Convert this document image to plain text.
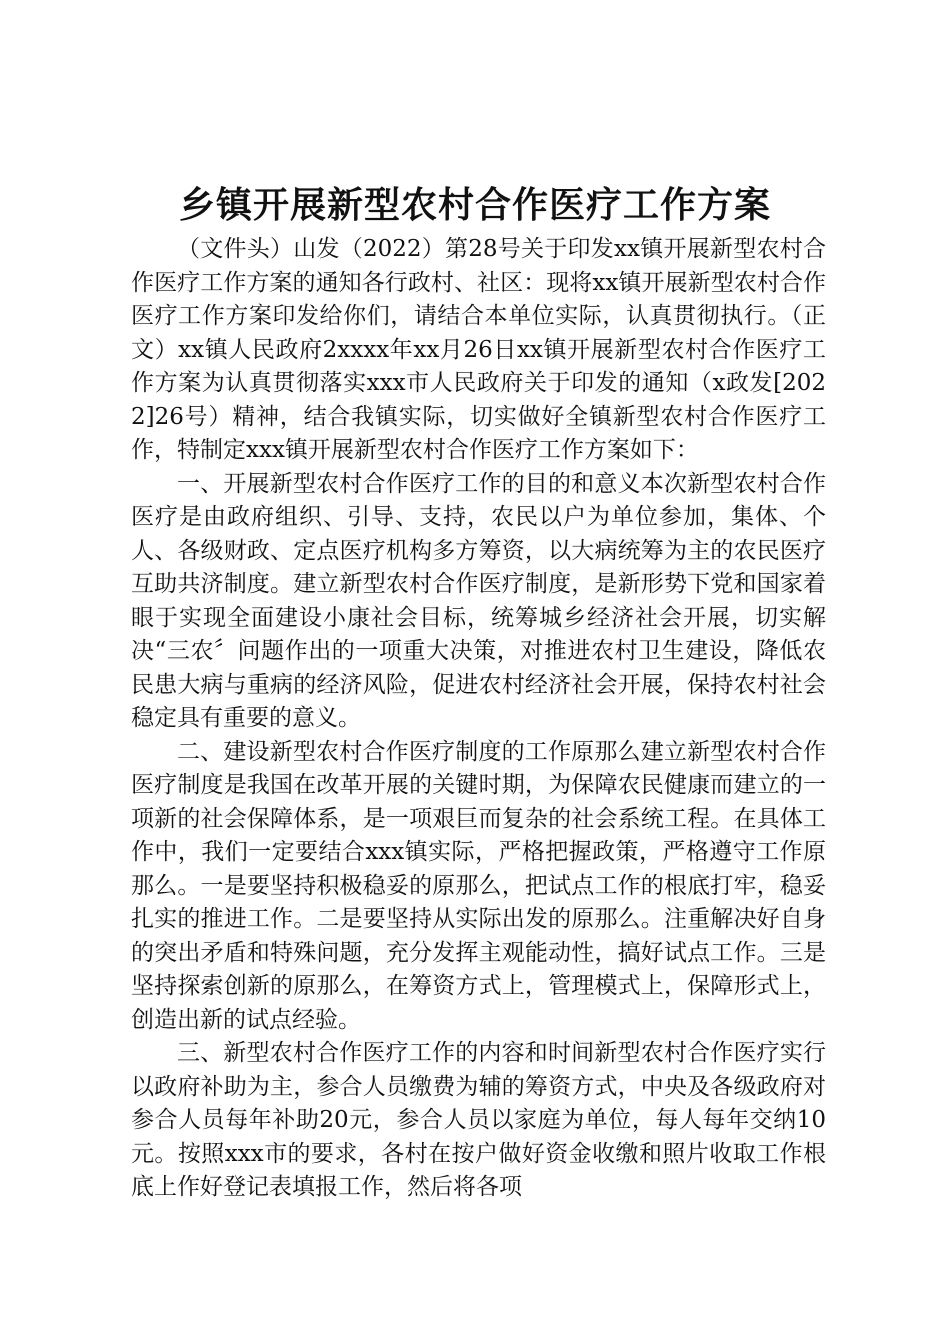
乡镇开展新型农村合作医疗工作方案

（文件头）山发（2022）第28号关于印发xx镇开展新型农村合作医疗工作方案的通知各行政村、社区：现将xx镇开展新型农村合作医疗工作方案印发给你们，请结合本单位实际，认真贯彻执行。（正文）xx镇人民政府2xxxx年xx月26日xx镇开展新型农村合作医疗工作方案为认真贯彻落实xxx市人民政府关于印发的通知（x政发[2022]26号）精神，结合我镇实际，切实做好全镇新型农村合作医疗工作，特制定xxx镇开展新型农村合作医疗工作方案如下：

一、开展新型农村合作医疗工作的目的和意义本次新型农村合作医疗是由政府组织、引导、支持，农民以户为单位参加，集体、个人、各级财政、定点医疗机构多方筹资，以大病统筹为主的农民医疗互助共济制度。建立新型农村合作医疗制度，是新形势下党和国家着眼于实现全面建设小康社会目标，统筹城乡经济社会开展，切实解决“三农〞问题作出的一项重大决策，对推进农村卫生建设，降低农民患大病与重病的经济风险，促进农村经济社会开展，保持农村社会稳定具有重要的意义。

二、建设新型农村合作医疗制度的工作原那么建立新型农村合作医疗制度是我国在改革开展的关键时期，为保障农民健康而建立的一项新的社会保障体系，是一项艰巨而复杂的社会系统工程。在具体工作中，我们一定要结合xxx镇实际，严格把握政策，严格遵守工作原那么。一是要坚持积极稳妥的原那么，把试点工作的根底打牢，稳妥扎实的推进工作。二是要坚持从实际出发的原那么。注重解决好自身的突出矛盾和特殊问题，充分发挥主观能动性，搞好试点工作。三是坚持探索创新的原那么，在筹资方式上，管理模式上，保障形式上，创造出新的试点经验。

三、新型农村合作医疗工作的内容和时间新型农村合作医疗实行以政府补助为主，参合人员缴费为辅的筹资方式，中央及各级政府对参合人员每年补助20元，参合人员以家庭为单位，每人每年交纳10元。按照xxx市的要求，各村在按户做好资金收缴和照片收取工作根底上作好登记表填报工作，然后将各项
